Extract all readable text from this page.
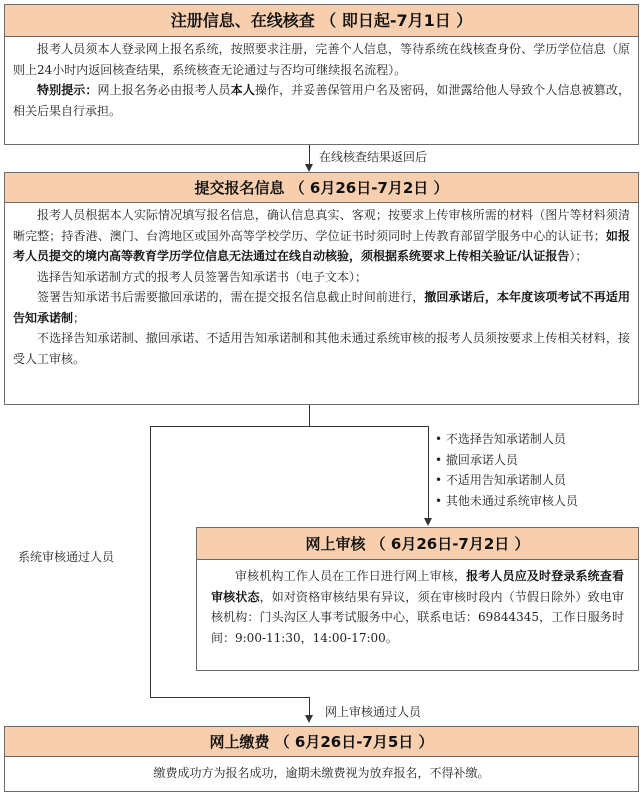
注册信息、在线核查 （ 即日起-7月1日 ）

报考人员须本人登录网上报名系统，按照要求注册，完善个人信息，等待系统在线核查身份、学历学位信息（原则上24小时内返回核查结果，系统核查无论通过与否均可继续报名流程）。

特别提示：网上报名务必由报考人员本人操作，并妥善保管用户名及密码，如泄露给他人导致个人信息被篡改，相关后果自行承担。

在线核查结果返回后
提交报名信息 （ 6月26日-7月2日 ）

报考人员根据本人实际情况填写报名信息，确认信息真实、客观；按要求上传审核所需的材料（图片等材料须清晰完整；持香港、澳门、台湾地区或国外高等学校学历、学位证书时须同时上传教育部留学服务中心的认证书；如报考人员提交的境内高等教育学历学位信息无法通过在线自动核验，须根据系统要求上传相关验证/认证报告）；

选择告知承诺制方式的报考人员签署告知承诺书（电子文本）；

签署告知承诺书后需要撤回承诺的，需在提交报名信息截止时间前进行，撤回承诺后，本年度该项考试不再适用告知承诺制；

不选择告知承诺制、撤回承诺、不适用告知承诺制和其他未通过系统审核的报考人员须按要求上传相关材料，接受人工审核。

• 不选择告知承诺制人员
• 撤回承诺人员
• 不适用告知承诺制人员
• 其他未通过系统审核人员
系统审核通过人员
网上审核 （ 6月26日-7月2日 ）

审核机构工作人员在工作日进行网上审核，报考人员应及时登录系统查看审核状态，如对资格审核结果有异议，须在审核时段内（节假日除外）致电审核机构：门头沟区人事考试服务中心，联系电话：69844345，工作日服务时间：9:00-11:30，14:00-17:00。

网上审核通过人员
网上缴费 （ 6月26日-7月5日 ）

缴费成功方为报名成功，逾期未缴费视为放弃报名，不得补缴。
